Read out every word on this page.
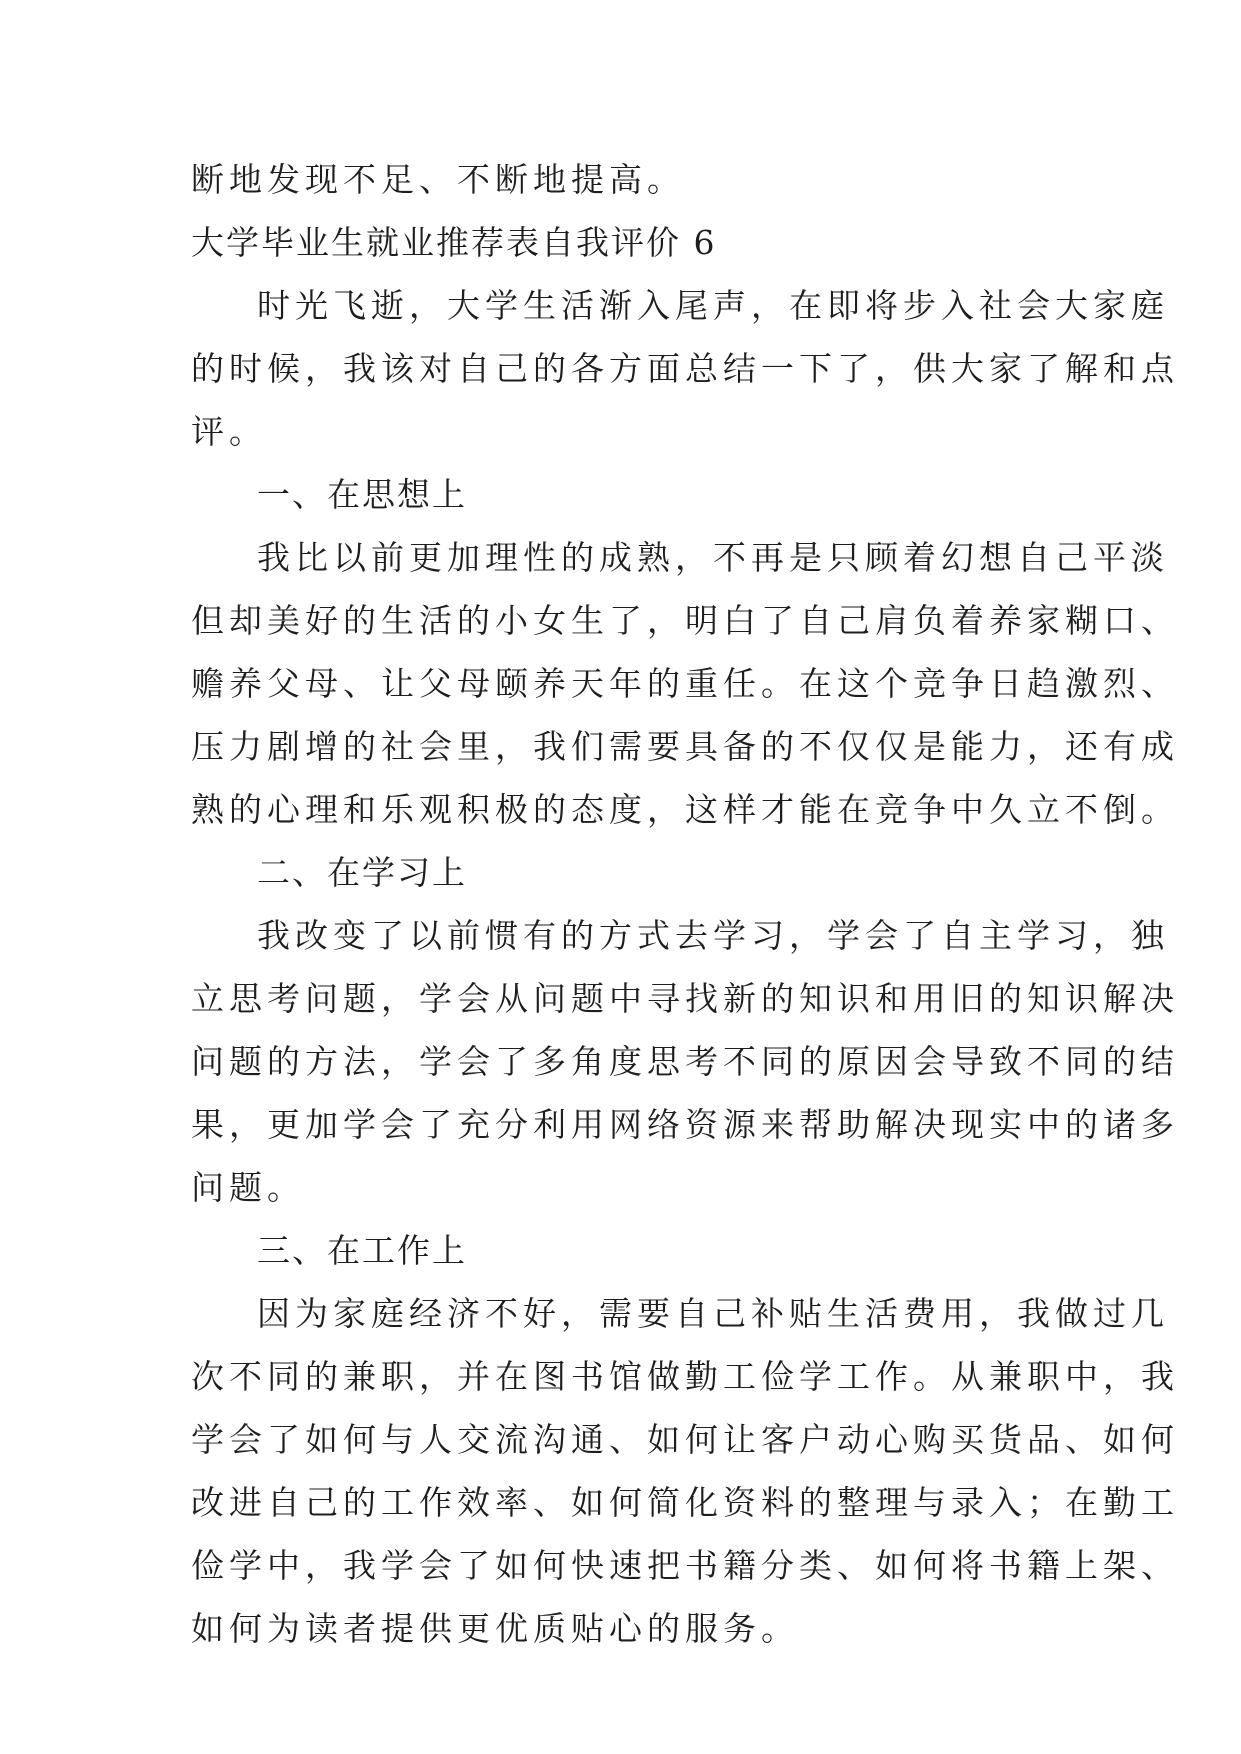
断地发现不足、不断地提高。
大学毕业生就业推荐表自我评价 6
时光飞逝，大学生活渐入尾声，在即将步入社会大家庭
的时候，我该对自己的各方面总结一下了，供大家了解和点
评。
一、在思想上
我比以前更加理性的成熟，不再是只顾着幻想自己平淡
但却美好的生活的小女生了，明白了自己肩负着养家糊口、
赡养父母、让父母颐养天年的重任。在这个竞争日趋激烈、
压力剧增的社会里，我们需要具备的不仅仅是能力，还有成
熟的心理和乐观积极的态度，这样才能在竞争中久立不倒。
二、在学习上
我改变了以前惯有的方式去学习，学会了自主学习，独
立思考问题，学会从问题中寻找新的知识和用旧的知识解决
问题的方法，学会了多角度思考不同的原因会导致不同的结
果，更加学会了充分利用网络资源来帮助解决现实中的诸多
问题。
三、在工作上
因为家庭经济不好，需要自己补贴生活费用，我做过几
次不同的兼职，并在图书馆做勤工俭学工作。从兼职中，我
学会了如何与人交流沟通、如何让客户动心购买货品、如何
改进自己的工作效率、如何简化资料的整理与录入；在勤工
俭学中，我学会了如何快速把书籍分类、如何将书籍上架、
如何为读者提供更优质贴心的服务。
